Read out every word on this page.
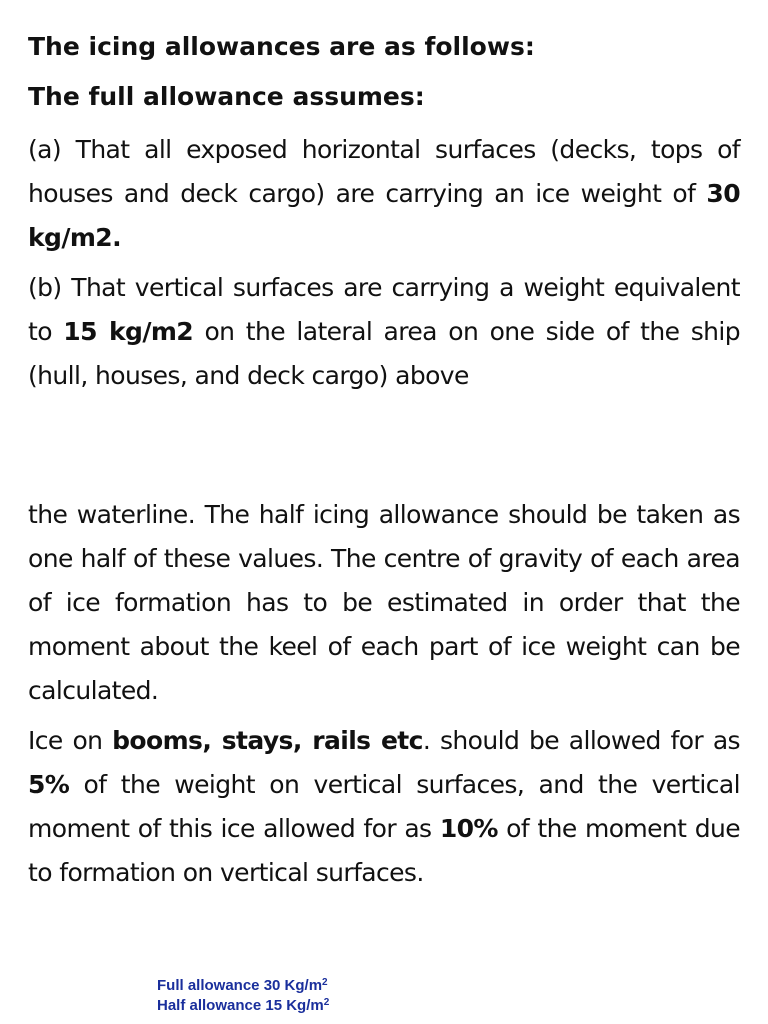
The icing allowances are as follows:
The full allowance assumes:

(a) That all exposed horizontal surfaces (decks, tops of houses and deck cargo) are carrying an ice weight of 30 kg/m2.

(b) That vertical surfaces are carrying a weight equivalent to 15 kg/m2 on the lateral area on one side of the ship (hull, houses, and deck cargo) above

the waterline. The half icing allowance should be taken as one half of these values. The centre of gravity of each area of ice formation has to be estimated in order that the moment about the keel of each part of ice weight can be calculated.

Ice on booms, stays, rails etc. should be allowed for as 5% of the weight on vertical surfaces, and the vertical moment of this ice allowed for as 10% of the moment due to formation on vertical surfaces.

Full allowance 30 $Kg/m^2$
Half allowance 15 $Kg/m^2$
